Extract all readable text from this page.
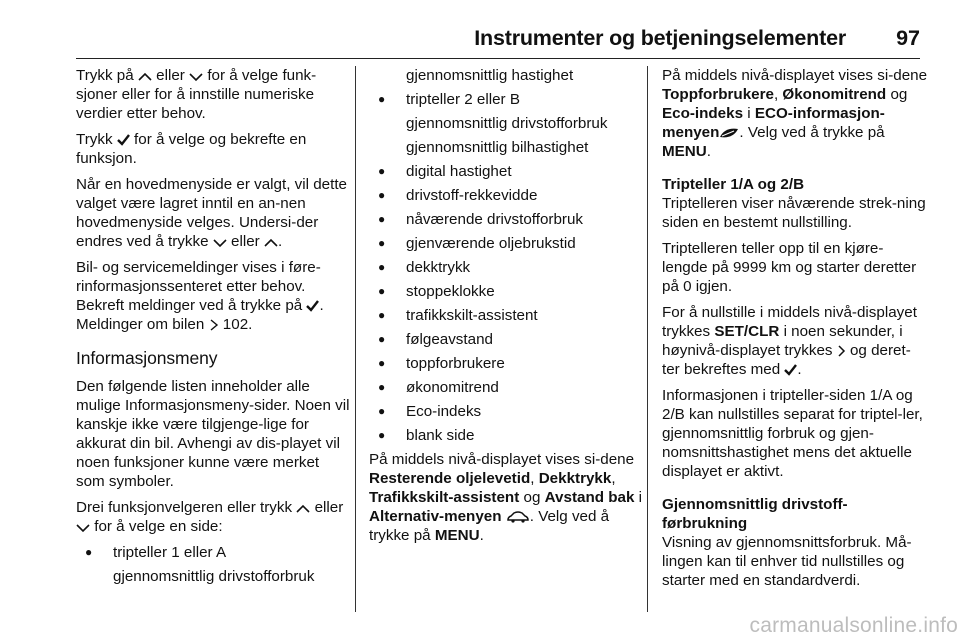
Instrumenter og betjeningselementer 97

Trykk på eller for å velge funk-sjoner eller for å innstille numeriske verdier etter behov.

Trykk for å velge og bekrefte en funksjon.

Når en hovedmenyside er valgt, vil dette valget være lagret inntil en an-nen hovedmenyside velges. Undersi-der endres ved å trykke eller .

Bil- og servicemeldinger vises i føre-rinformasjonssenteret etter behov. Bekreft meldinger ved å trykke på . Meldinger om bilen 102.

Informasjonsmeny

Den følgende listen inneholder alle mulige Informasjonsmeny-sider. Noen vil kanskje ikke være tilgjenge-lige for akkurat din bil. Avhengi av dis-playet vil noen funksjoner kunne være merket som symboler.

Drei funksjonvelgeren eller trykk eller  for å velge en side:

● tripteller 1 eller A
gjennomsnittlig drivstofforbruk
gjennomsnittlig hastighet
● tripteller 2 eller B
gjennomsnittlig drivstofforbruk
gjennomsnittlig bilhastighet
● digital hastighet
● drivstoff-rekkevidde
● nåværende drivstofforbruk
● gjenværende oljebrukstid
● dekktrykk
● stoppeklokke
● trafikkskilt-assistent
● følgeavstand
● toppforbrukere
● økonomitrend
● Eco-indeks
● blank side

På middels nivå-displayet vises si-dene Resterende oljelevetid, Dekktrykk, Trafikkskilt-assistent og Avstand bak i Alternativ-menyen . Velg ved å trykke på MENU.

På middels nivå-displayet vises si-dene Toppforbrukere, Økonomitrend og Eco-indeks i ECO-informasjon-menyen . Velg ved å trykke på MENU.

Tripteller 1/A og 2/B

Triptelleren viser nåværende strek-ning siden en bestemt nullstilling.

Triptelleren teller opp til en kjøre-lengde på 9999 km og starter deretter på 0 igjen.

For å nullstille i middels nivå-displayet trykkes SET/CLR i noen sekunder, i høynivå-displayet trykkes og deret-ter bekreftes med .

Informasjonen i tripteller-siden 1/A og 2/B kan nullstilles separat for triptel-ler, gjennomsnittlig forbruk og gjen-nomsnittshastighet mens det aktuelle displayet er aktivt.

Gjennomsnittlig drivstoff- førbrukning

Visning av gjennomsnittsforbruk. Må-lingen kan til enhver tid nullstilles og starter med en standardverdi.

carmanualsonline.info
